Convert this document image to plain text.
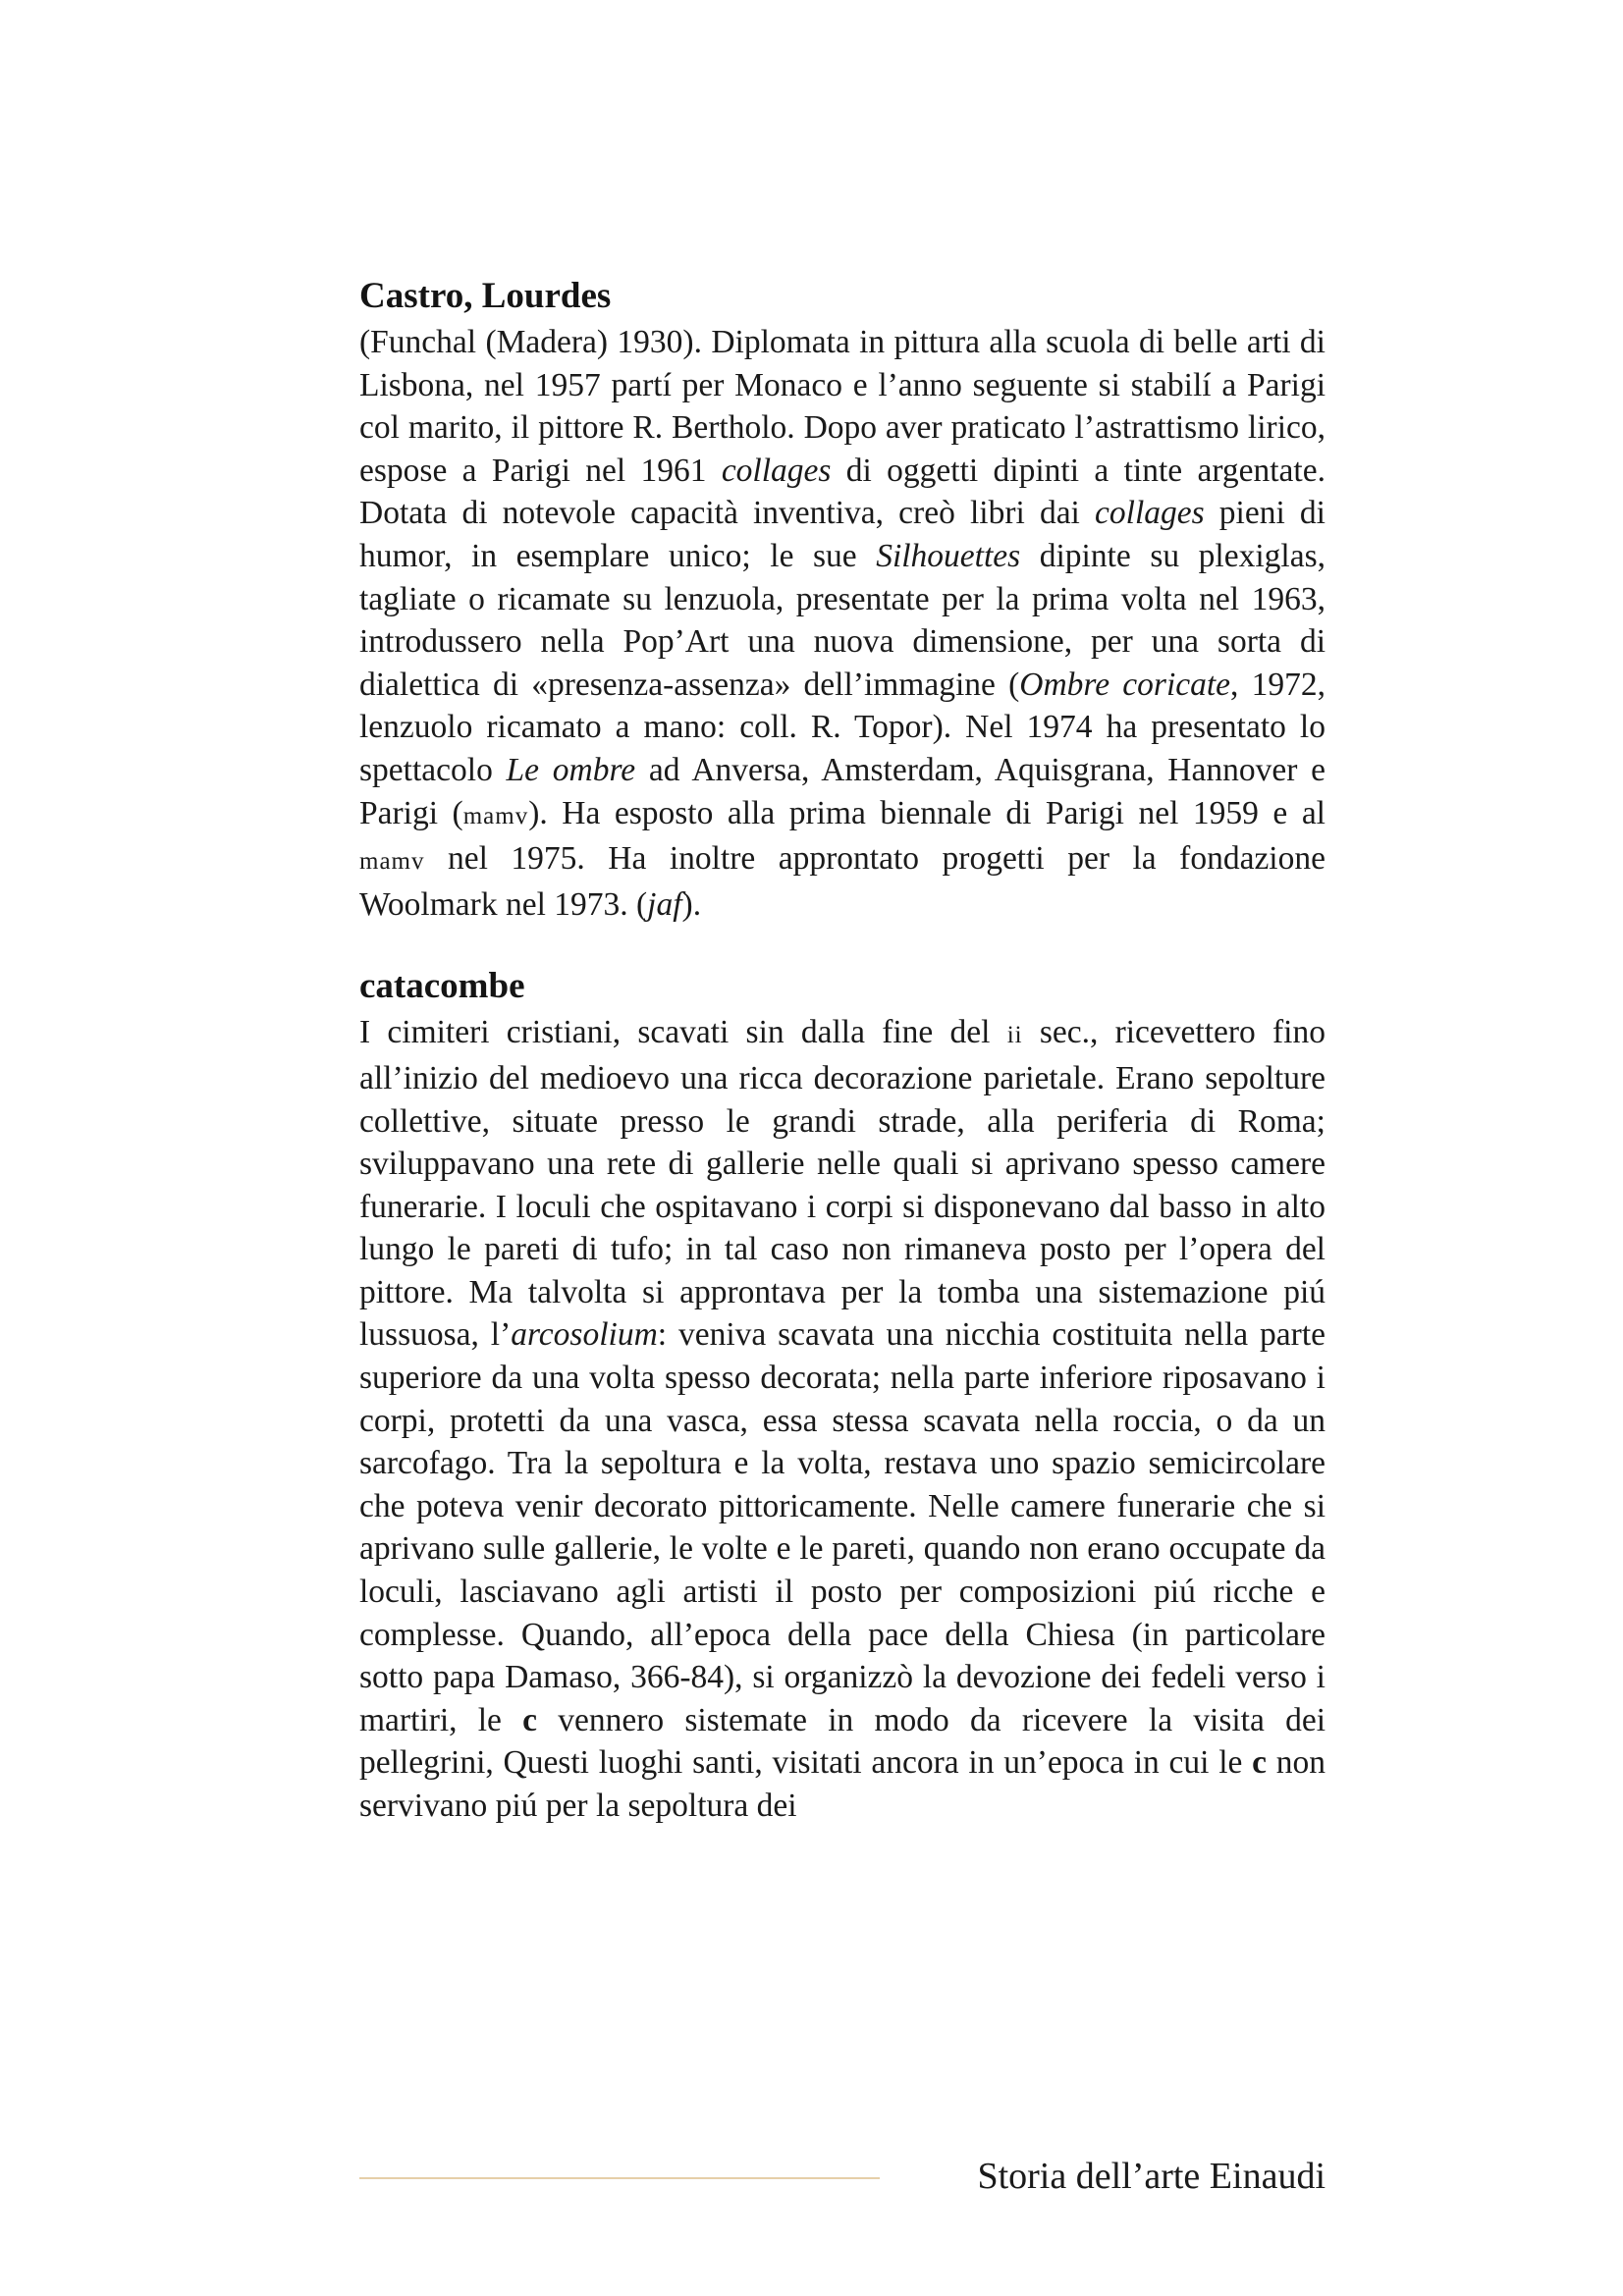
Castro, Lourdes

(Funchal (Madera) 1930). Diplomata in pittura alla scuola di belle arti di Lisbona, nel 1957 partí per Monaco e l’anno seguente si stabilí a Parigi col marito, il pittore R. Bertholo. Dopo aver praticato l’astrattismo lirico, espose a Parigi nel 1961 collages di oggetti dipinti a tinte argentate. Dotata di notevole capacità inventiva, creò libri dai collages pieni di humor, in esemplare unico; le sue Silhouettes dipinte su plexiglas, tagliate o ricamate su lenzuola, presentate per la prima volta nel 1963, introdussero nella Pop’Art una nuova dimensione, per una sorta di dialettica di «presenza-assenza» dell’immagine (Ombre coricate, 1972, lenzuolo ricamato a mano: coll. R. Topor). Nel 1974 ha presentato lo spettacolo Le ombre ad Anversa, Amsterdam, Aquisgrana, Hannover e Parigi (mamv). Ha esposto alla prima biennale di Parigi nel 1959 e al mamv nel 1975. Ha inoltre approntato progetti per la fondazione Woolmark nel 1973. (jaf).

catacombe

I cimiteri cristiani, scavati sin dalla fine del ii sec., ricevettero fino all’inizio del medioevo una ricca decorazione parietale. Erano sepolture collettive, situate presso le grandi strade, alla periferia di Roma; sviluppavano una rete di gallerie nelle quali si aprivano spesso camere funerarie. I loculi che ospitavano i corpi si disponevano dal basso in alto lungo le pareti di tufo; in tal caso non rimaneva posto per l’opera del pittore. Ma talvolta si approntava per la tomba una sistemazione piú lussuosa, l’arcosolium: veniva scavata una nicchia costituita nella parte superiore da una volta spesso decorata; nella parte inferiore riposavano i corpi, protetti da una vasca, essa stessa scavata nella roccia, o da un sarcofago. Tra la sepoltura e la volta, restava uno spazio semicircolare che poteva venir decorato pittoricamente. Nelle camere funerarie che si aprivano sulle gallerie, le volte e le pareti, quando non erano occupate da loculi, lasciavano agli artisti il posto per composizioni piú ricche e complesse. Quando, all’epoca della pace della Chiesa (in particolare sotto papa Damaso, 366-84), si organizzò la devozione dei fedeli verso i martiri, le c vennero sistemate in modo da ricevere la visita dei pellegrini, Questi luoghi santi, visitati ancora in un’epoca in cui le c non servivano piú per la sepoltura dei

Storia dell’arte Einaudi
